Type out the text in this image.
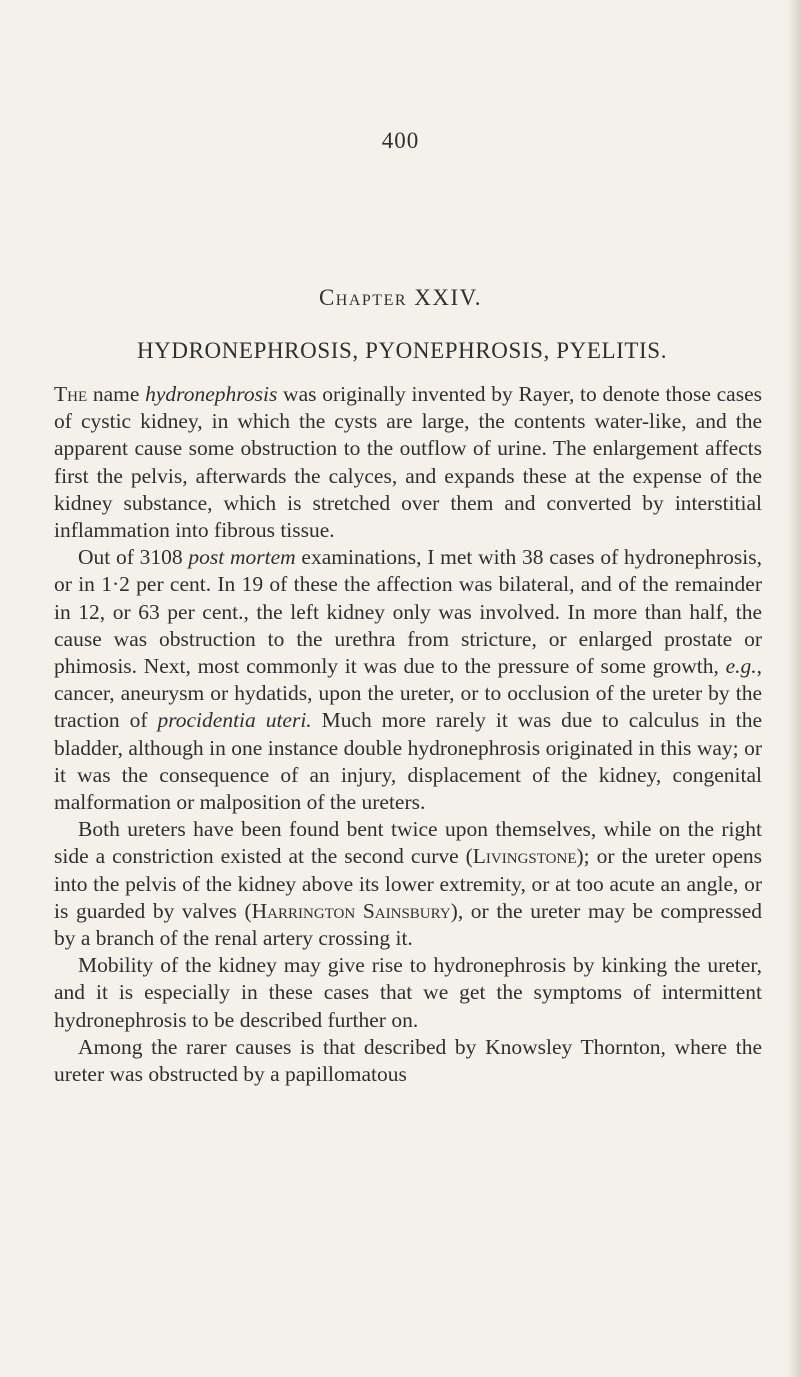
400
Chapter XXIV.
HYDRONEPHROSIS, PYONEPHROSIS, PYELITIS.

The name hydronephrosis was originally invented by Rayer, to denote those cases of cystic kidney, in which the cysts are large, the contents water-like, and the apparent cause some obstruction to the outflow of urine. The enlargement affects first the pelvis, afterwards the calyces, and expands these at the expense of the kidney substance, which is stretched over them and converted by interstitial inflammation into fibrous tissue.

Out of 3108 post mortem examinations, I met with 38 cases of hydronephrosis, or in 1·2 per cent. In 19 of these the affection was bilateral, and of the remainder in 12, or 63 per cent., the left kidney only was involved. In more than half, the cause was obstruction to the urethra from stricture, or enlarged prostate or phimosis. Next, most commonly it was due to the pressure of some growth, e.g., cancer, aneurysm or hydatids, upon the ureter, or to occlusion of the ureter by the traction of procidentia uteri. Much more rarely it was due to calculus in the bladder, although in one instance double hydronephrosis originated in this way; or it was the consequence of an injury, displacement of the kidney, congenital malformation or malposition of the ureters.

Both ureters have been found bent twice upon themselves, while on the right side a constriction existed at the second curve (Livingstone); or the ureter opens into the pelvis of the kidney above its lower extremity, or at too acute an angle, or is guarded by valves (Harrington Sainsbury), or the ureter may be compressed by a branch of the renal artery crossing it.

Mobility of the kidney may give rise to hydronephrosis by kinking the ureter, and it is especially in these cases that we get the symptoms of intermittent hydronephrosis to be described further on.

Among the rarer causes is that described by Knowsley Thornton, where the ureter was obstructed by a papillomatous
